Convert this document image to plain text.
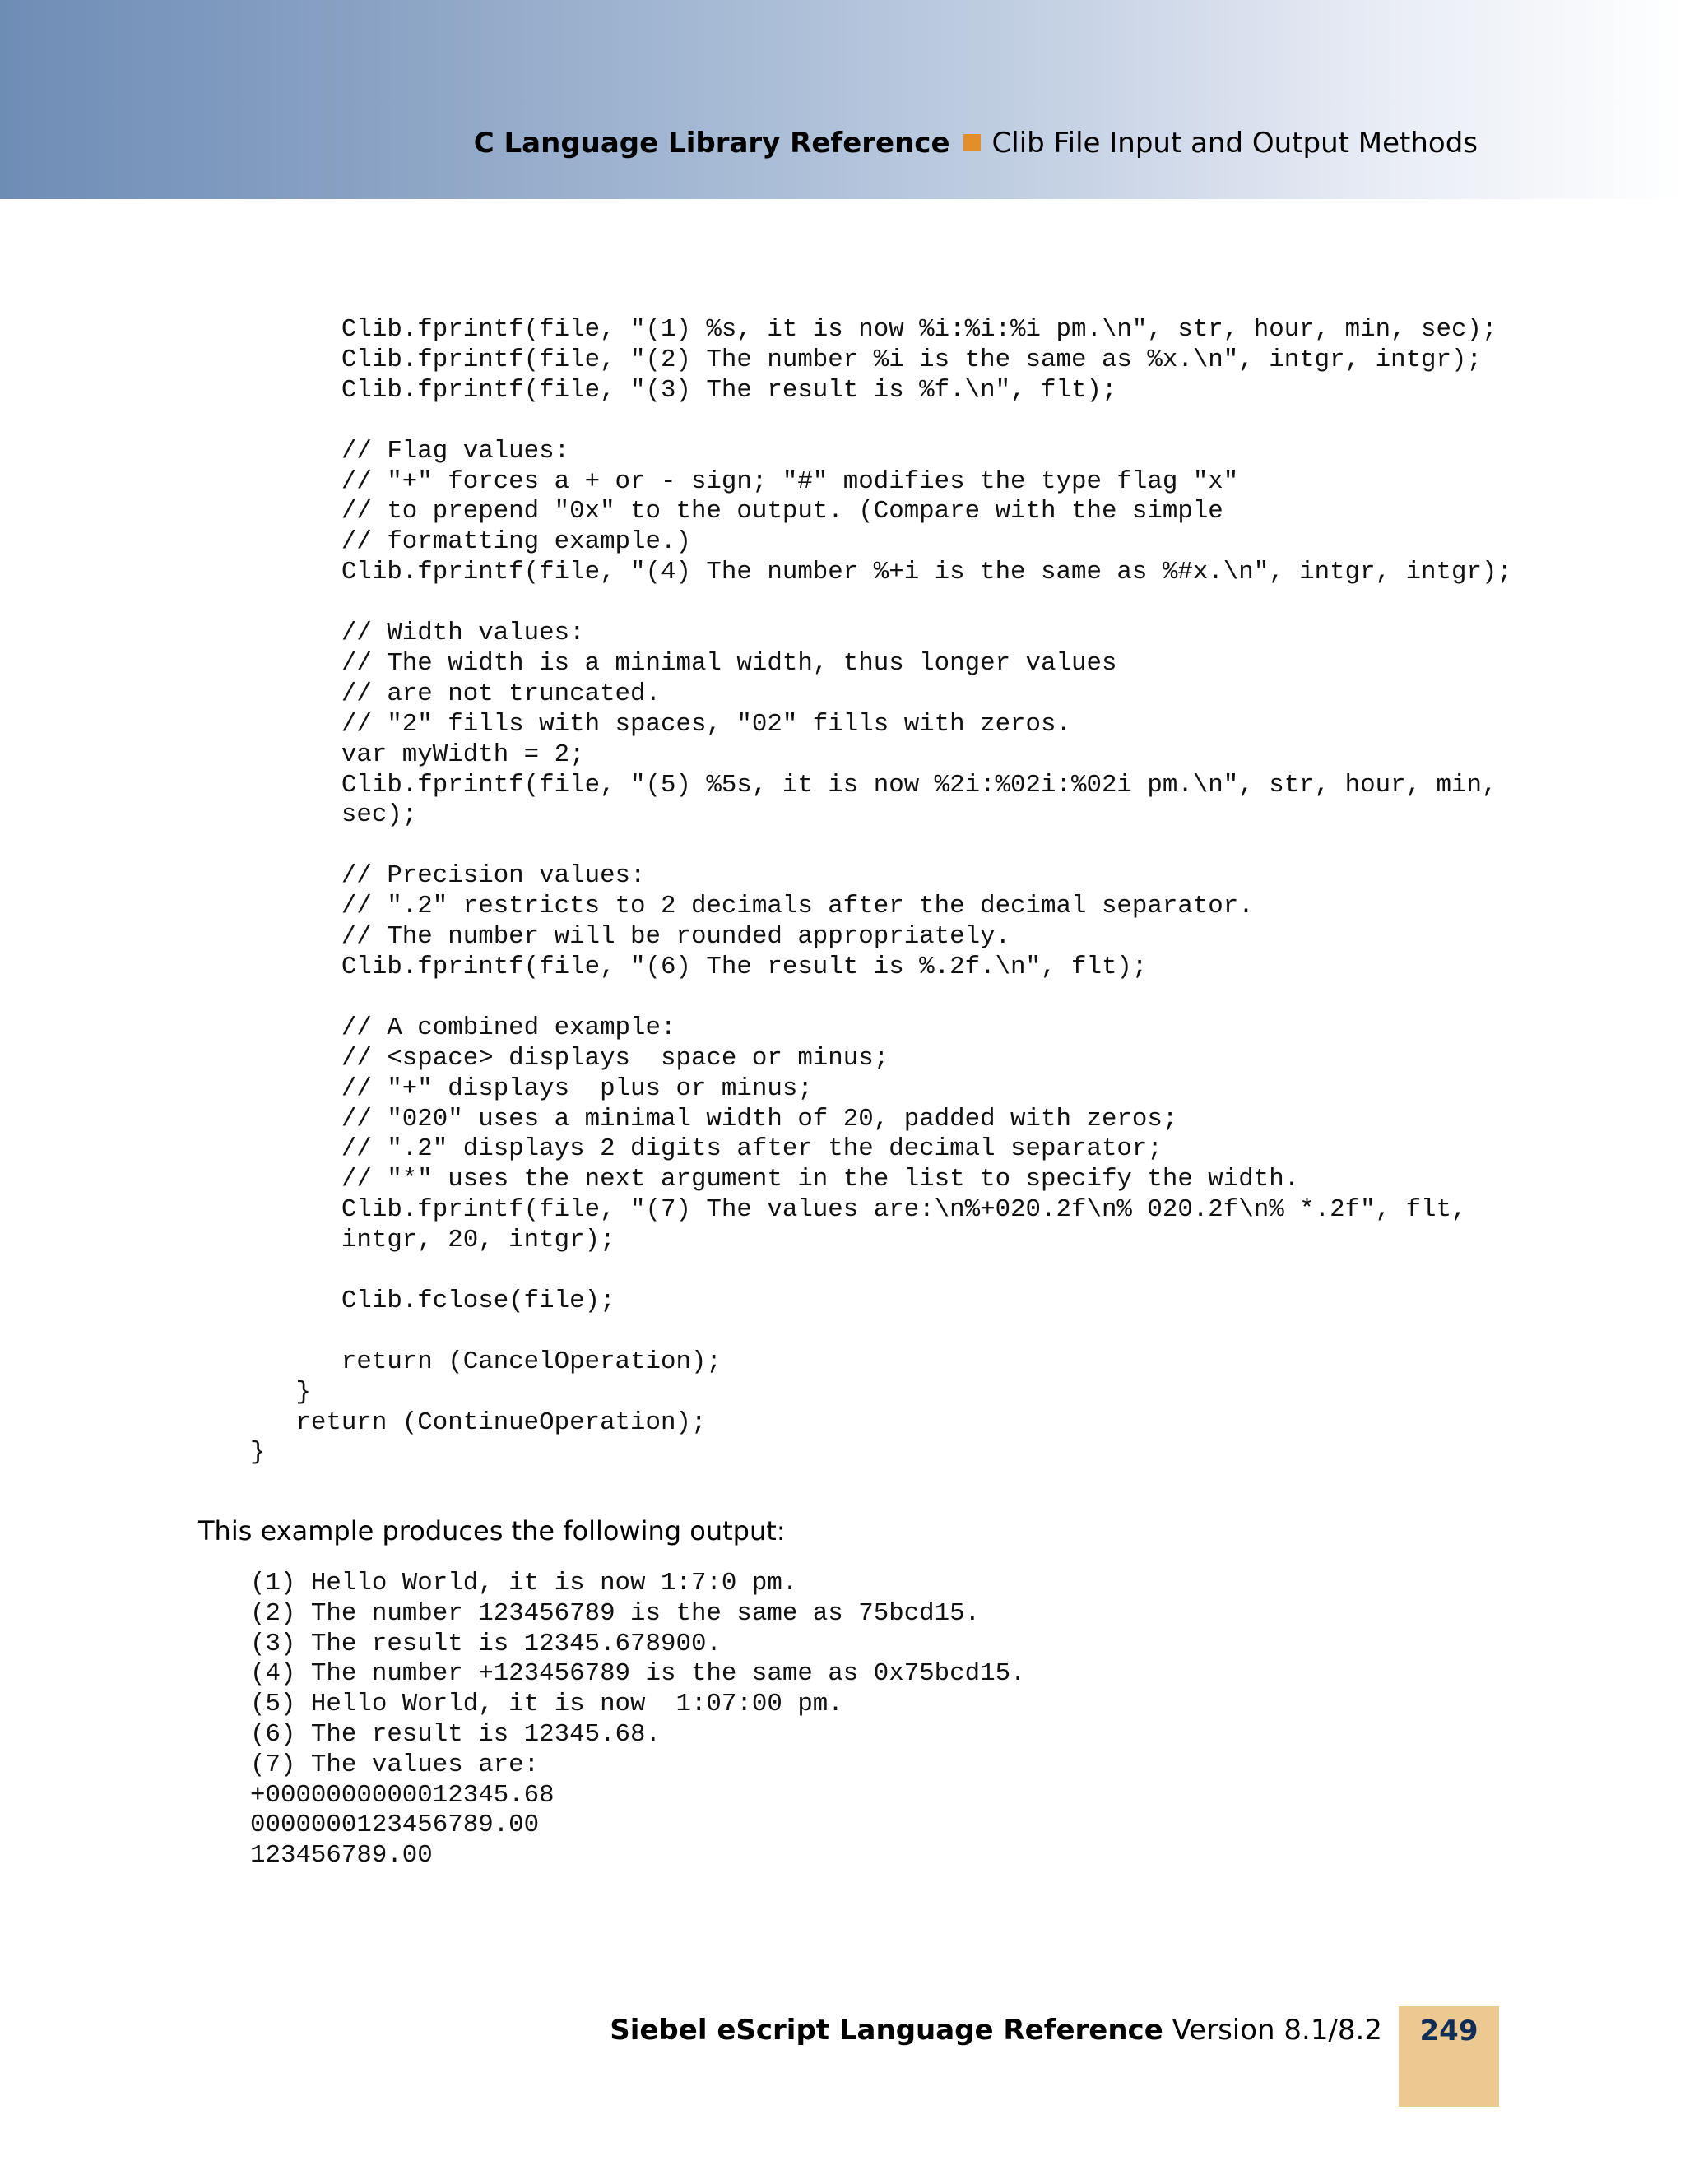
C Language Library Reference Clib File Input and Output Methods
Clib.fprintf(file, "(1) %s, it is now %i:%i:%i pm.\n", str, hour, min, sec);
Clib.fprintf(file, "(2) The number %i is the same as %x.\n", intgr, intgr);
Clib.fprintf(file, "(3) The result is %f.\n", flt);
// Flag values:
// "+" forces a + or - sign; "#" modifies the type flag "x"
// to prepend "0x" to the output. (Compare with the simple
// formatting example.)
Clib.fprintf(file, "(4) The number %+i is the same as %#x.\n", intgr, intgr);
// Width values:
// The width is a minimal width, thus longer values
// are not truncated.
// "2" fills with spaces, "02" fills with zeros.
var myWidth = 2;
Clib.fprintf(file, "(5) %5s, it is now %2i:%02i:%02i pm.\n", str, hour, min,
sec);
// Precision values:
// ".2" restricts to 2 decimals after the decimal separator.
// The number will be rounded appropriately.
Clib.fprintf(file, "(6) The result is %.2f.\n", flt);
// A combined example:
// <space> displays  space or minus;
// "+" displays  plus or minus;
// "020" uses a minimal width of 20, padded with zeros;
// ".2" displays 2 digits after the decimal separator;
// "*" uses the next argument in the list to specify the width.
Clib.fprintf(file, "(7) The values are:\n%+020.2f\n% 020.2f\n% *.2f", flt,
intgr, 20, intgr);
Clib.fclose(file);
return (CancelOperation);
}
return (ContinueOperation);
}
This example produces the following output:
(1) Hello World, it is now 1:7:0 pm.
(2) The number 123456789 is the same as 75bcd15.
(3) The result is 12345.678900.
(4) The number +123456789 is the same as 0x75bcd15.
(5) Hello World, it is now  1:07:00 pm.
(6) The result is 12345.68.
(7) The values are:
+0000000000012345.68
0000000123456789.00
123456789.00
Siebel eScript Language Reference Version 8.1/8.2	249
